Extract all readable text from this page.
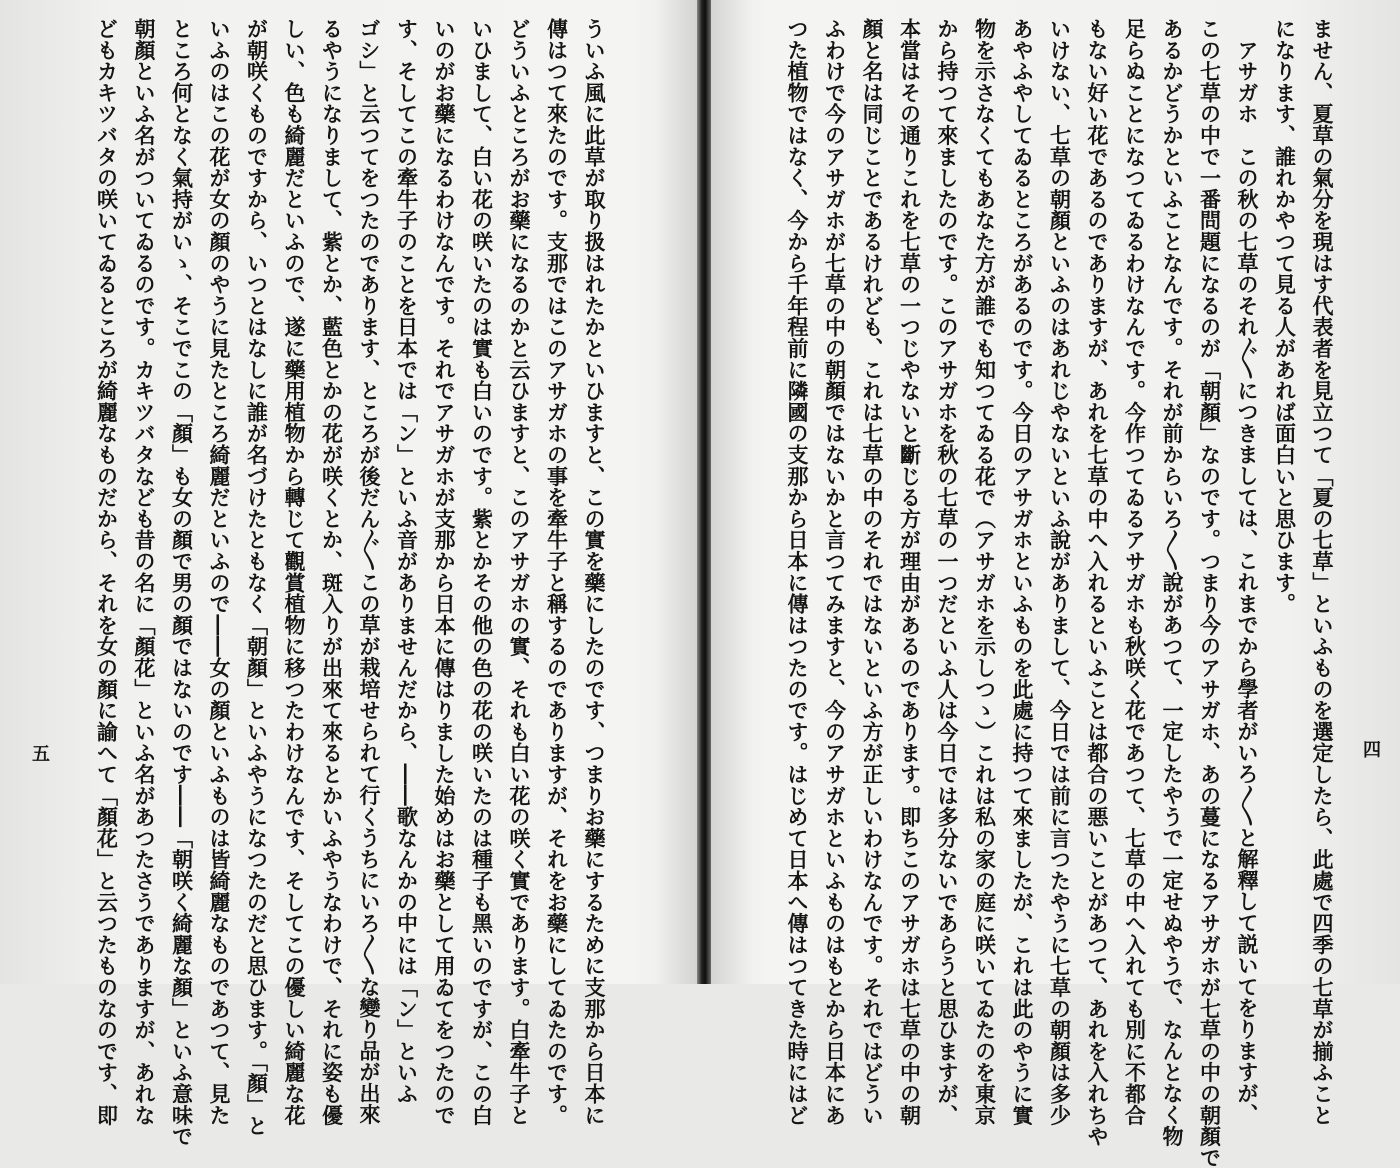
ません、夏草の氣分を現はす代表者を見立つて「夏の七草」といふものを選定したら、此處で四季の七草が揃ふこと
になります、誰れかやつて見る人があれば面白いと思ひます。
　アサガホ　この秋の七草のそれ〴〵につきましては、これまでから學者がいろ〳〵と解釋して説いてをりますが、
この七草の中で一番問題になるのが「朝顏」なのです。つまり今のアサガホ、あの蔓になるアサガホが七草の中の朝顏で
あるかどうかといふことなんです。それが前からいろ〳〵說があつて、一定したやうで一定せぬやうで、なんとなく物
足らぬことになつてゐるわけなんです。今作つてゐるアサガホも秋咲く花であつて、七草の中へ入れても別に不都合
もない好い花であるのでありますが、あれを七草の中へ入れるといふことは都合の悪いことがあつて、あれを入れちや
いけない、七草の朝顏といふのはあれじやないといふ說がありまして、今日では前に言つたやうに七草の朝顏は多少
あやふやしてゐるところがあるのです。今日のアサガホといふものを此處に持つて來ましたが、これは此のやうに實
物を示さなくてもあなた方が誰でも知つてゐる花で（アサガホを示しつゝ）これは私の家の庭に咲いてゐたのを東京
から持つて來ましたのです。このアサガホを秋の七草の一つだといふ人は今日では多分ないであらうと思ひますが、
本當はその通りこれを七草の一つじやないと斷じる方が理由があるのであります。即ちこのアサガホは七草の中の朝
顏と名は同じことであるけれども、これは七草の中のそれではないといふ方が正しいわけなんです。それではどうい
ふわけで今のアサガホが七草の中の朝顏ではないかと言つてみますと、今のアサガホといふものはもとから日本にあ
つた植物ではなく、今から千年程前に隣國の支那から日本に傳はつたのです。はじめて日本へ傳はつてきた時にはど	四
ういふ風に此草が取り扱はれたかといひますと、この實を藥にしたのです、つまりお藥にするために支那から日本に
傳はつて來たのです。支那ではこのアサガホの事を牽牛子と稱するのでありますが、それをお藥にしてゐたのです。
どういふところがお藥になるのかと云ひますと、このアサガホの實、それも白い花の咲く實であります。白牽牛子と
いひまして、白い花の咲いたのは實も白いのです。紫とかその他の色の花の咲いたのは種子も黑いのですが、この白
いのがお藥になるわけなんです。それでアサガホが支那から日本に傳はりました始めはお藥として用ゐてをつたので
す、そしてこの牽牛子のことを日本では「ン」といふ音がありませんだから、――歌なんかの中には「ン」といふ
ゴシ」と云つてをつたのであります、ところが後だん〴〵この草が栽培せられて行くうちにいろ〳〵な變り品が出來
るやうになりまして、紫とか、藍色とかの花が咲くとか、斑入りが出來て來るとかいふやうなわけで、それに姿も優
しい、色も綺麗だといふので、遂に藥用植物から轉じて觀賞植物に移つたわけなんです、そしてこの優しい綺麗な花
が朝咲くものですから、いつとはなしに誰が名づけたともなく「朝顏」といふやうになつたのだと思ひます。「顏」と
いふのはこの花が女の顏のやうに見たところ綺麗だといふので――女の顏といふものは皆綺麗なものであつて、見た
ところ何となく氣持がいゝ、そこでこの「顏」も女の顏で男の顏ではないのです――「朝咲く綺麗な顏」といふ意味で
朝顏といふ名がついてゐるのです。カキツバタなども昔の名に「顏花」といふ名があつたさうでありますが、あれな
どもカキツバタの咲いてゐるところが綺麗なものだから、それを女の顏に諭へて「顏花」と云つたものなのです、即
五
